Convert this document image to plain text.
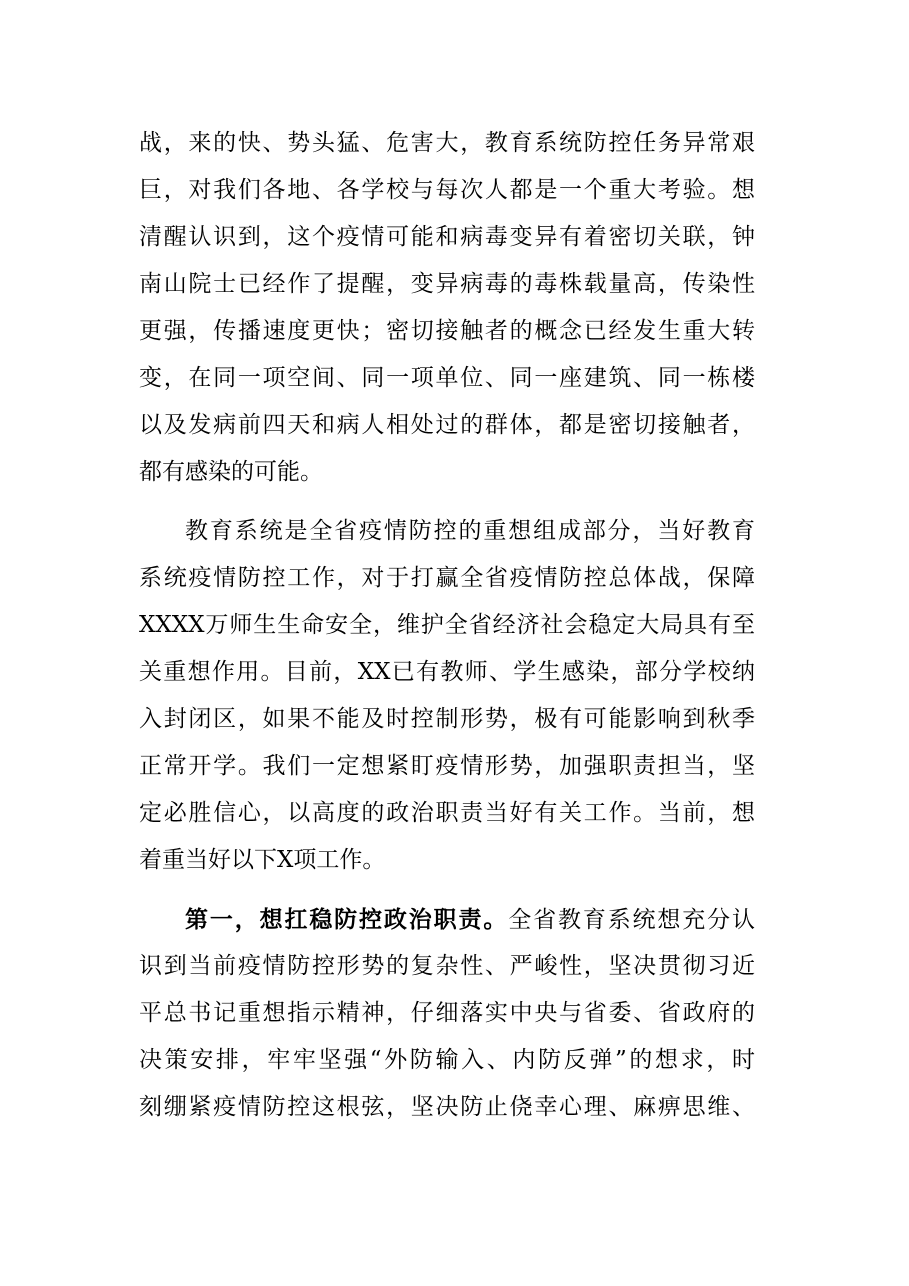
战，来的快、势头猛、危害大，教育系统防控任务异常艰
巨，对我们各地、各学校与每次人都是一个重大考验。想
清醒认识到，这个疫情可能和病毒变异有着密切关联，钟
南山院士已经作了提醒，变异病毒的毒株载量高，传染性
更强，传播速度更快；密切接触者的概念已经发生重大转
变，在同一项空间、同一项单位、同一座建筑、同一栋楼
以及发病前四天和病人相处过的群体，都是密切接触者，
都有感染的可能。
教育系统是全省疫情防控的重想组成部分，当好教育
系统疫情防控工作，对于打赢全省疫情防控总体战，保障
XXXX万师生生命安全，维护全省经济社会稳定大局具有至
关重想作用。目前，XX已有教师、学生感染，部分学校纳
入封闭区，如果不能及时控制形势，极有可能影响到秋季
正常开学。我们一定想紧盯疫情形势，加强职责担当，坚
定必胜信心，以高度的政治职责当好有关工作。当前，想
着重当好以下X项工作。
第一，想扛稳防控政治职责。全省教育系统想充分认
识到当前疫情防控形势的复杂性、严峻性，坚决贯彻习近
平总书记重想指示精神，仔细落实中央与省委、省政府的
决策安排，牢牢坚强“外防输入、内防反弹”的想求，时
刻绷紧疫情防控这根弦，坚决防止侥幸心理、麻痹思维、
